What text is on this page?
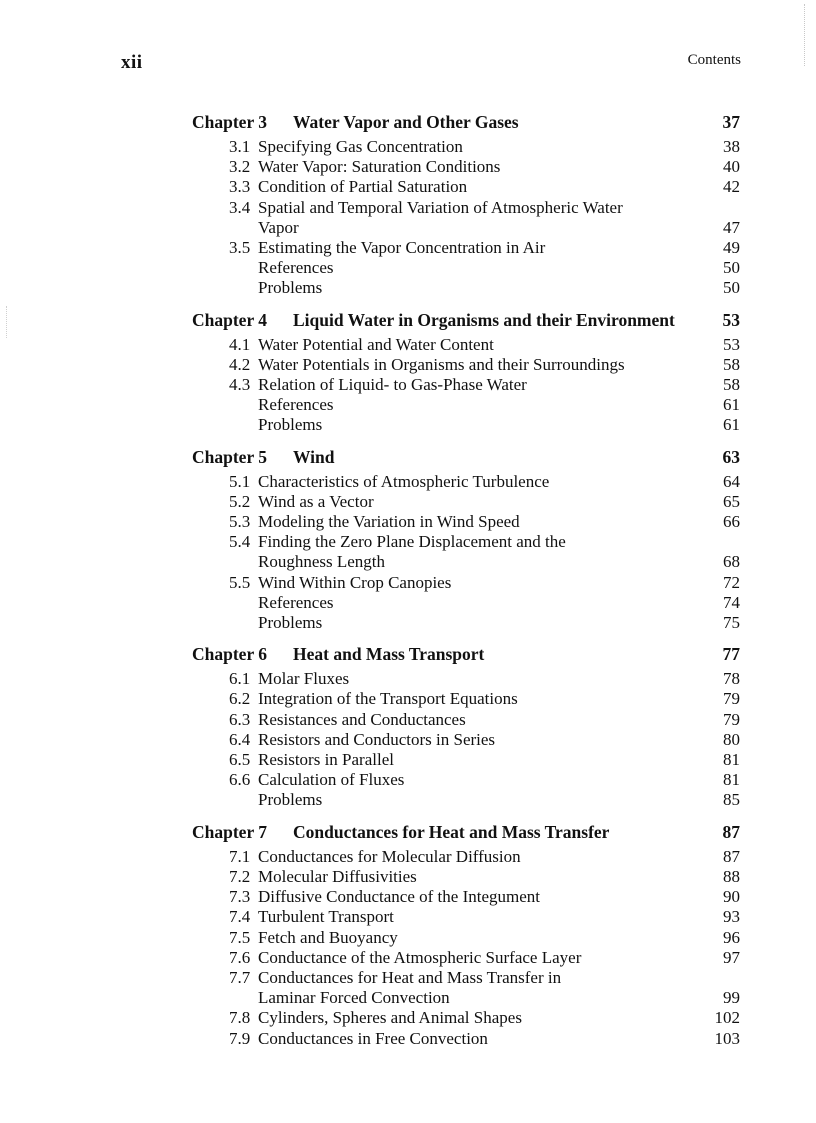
xii	Contents
Chapter 3 Water Vapor and Other Gases	37
3.1 Specifying Gas Concentration	38
3.2 Water Vapor: Saturation Conditions	40
3.3 Condition of Partial Saturation	42
3.4 Spatial and Temporal Variation of Atmospheric Water
Vapor	47
3.5 Estimating the Vapor Concentration in Air	49
References	50
Problems	50
Chapter 4 Liquid Water in Organisms and their Environment	53
4.1 Water Potential and Water Content	53
4.2 Water Potentials in Organisms and their Surroundings	58
4.3 Relation of Liquid- to Gas-Phase Water	58
References	61
Problems	61
Chapter 5 Wind	63
5.1 Characteristics of Atmospheric Turbulence	64
5.2 Wind as a Vector	65
5.3 Modeling the Variation in Wind Speed	66
5.4 Finding the Zero Plane Displacement and the
Roughness Length	68
5.5 Wind Within Crop Canopies	72
References	74
Problems	75
Chapter 6 Heat and Mass Transport	77
6.1 Molar Fluxes	78
6.2 Integration of the Transport Equations	79
6.3 Resistances and Conductances	79
6.4 Resistors and Conductors in Series	80
6.5 Resistors in Parallel	81
6.6 Calculation of Fluxes	81
Problems	85
Chapter 7 Conductances for Heat and Mass Transfer	87
7.1 Conductances for Molecular Diffusion	87
7.2 Molecular Diffusivities	88
7.3 Diffusive Conductance of the Integument	90
7.4 Turbulent Transport	93
7.5 Fetch and Buoyancy	96
7.6 Conductance of the Atmospheric Surface Layer	97
7.7 Conductances for Heat and Mass Transfer in
Laminar Forced Convection	99
7.8 Cylinders, Spheres and Animal Shapes	102
7.9 Conductances in Free Convection	103
